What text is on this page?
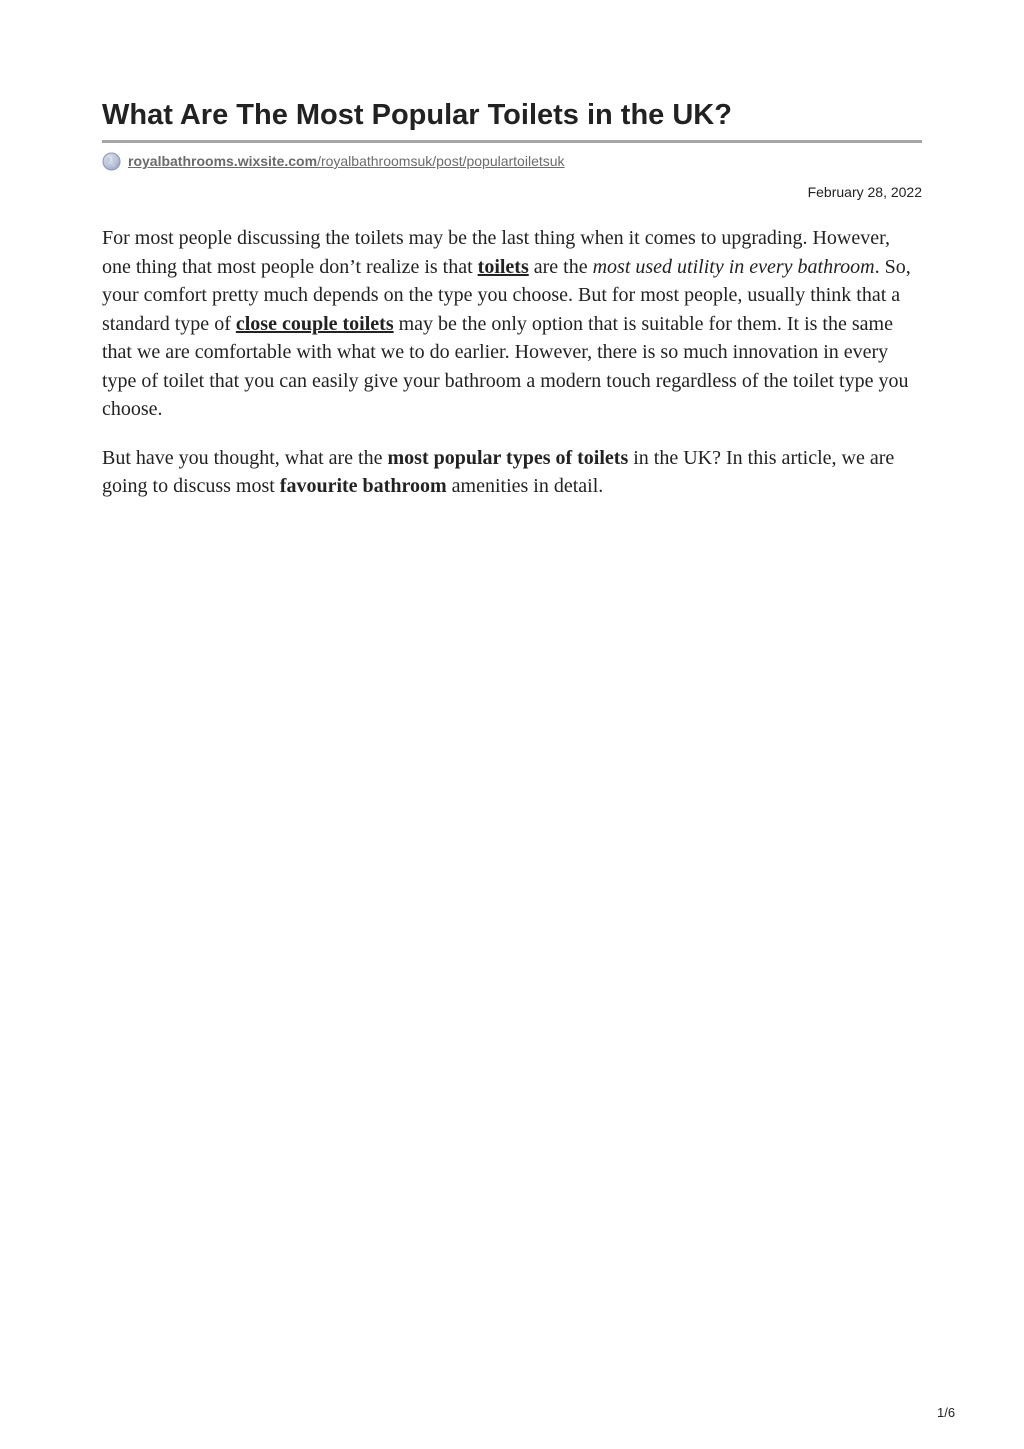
What Are The Most Popular Toilets in the UK?
royalbathrooms.wixsite.com/royalbathroomsuk/post/populartoiletsuk
February 28, 2022

For most people discussing the toilets may be the last thing when it comes to upgrading. However, one thing that most people don’t realize is that toilets are the most used utility in every bathroom. So, your comfort pretty much depends on the type you choose. But for most people, usually think that a standard type of close couple toilets may be the only option that is suitable for them. It is the same that we are comfortable with what we to do earlier. However, there is so much innovation in every type of toilet that you can easily give your bathroom a modern touch regardless of the toilet type you choose.

But have you thought, what are the most popular types of toilets in the UK? In this article, we are going to discuss most favourite bathroom amenities in detail.

1/6
